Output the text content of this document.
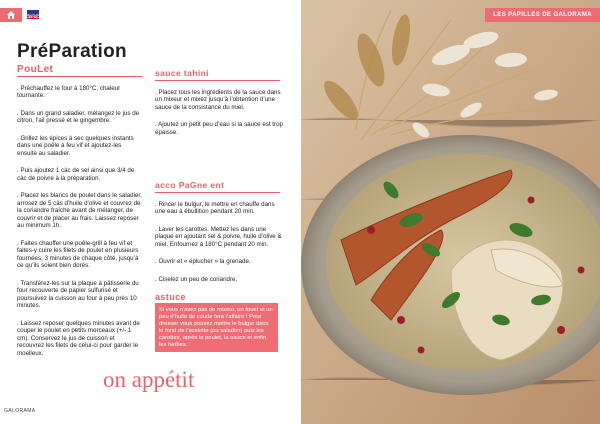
PréParation
PouLet
. Préchauffez le four à 180°C, chaleur tournante.
. Dans un grand saladier, mélangez le jus de citron, l’ail pressé et le gingembre.
. Grillez les épices à sec quelques instants dans une poêle à feu vif et ajoutez-les ensuite au saladier.
. Puis ajoutez 1 càc de sel ainsi que 3/4 de càc de poivre à la préparation.
. Placez les blancs de poulet dans le saladier, arrosez de 5 càs d’huile d’olive et couvrez de la coriandre fraîche avant de mélanger, de couvrir et de placer au frais. Laissez reposer au minimum 1h.
. Faites chauffer une poêle-grill à feu vif et faites-y cuire les filets de poulet en plusieurs fournées, 3 minutes de chaque côté, jusqu’à ce qu’ils soient bien dorés.
. Transférez-les sur la plaque à pâtisserie du four recouverte de papier sulfurisé et poursuivez la cuisson au four à peu près 10 minutes.
. Laissez reposer quelques minutes avant de couper le poulet en petits morceaux (+/- 1 cm). Conservez le jus de cuisson et recouvrez les filets de celui-ci pour garder le moelleux.
sauce tahini
. Placez tous les ingrédients de la sauce dans un mixeur et mixez jusqu’à l’obtention d’une sauce de la consistance du miel.
. Ajoutez un petit peu d’eau si la sauce est trop épaisse.
acco PaGne ent
. Rincer le bulgur, le mettre en chauffe dans une eau à ébullition pendant 20 min.
. Laver les carottes. Mettez les dans une plaque en ajoutant sel & poivre, huile d’olive & miel. Enfournez à 180°C pendant 20 min.
. Ouvrir et « éplucher » la grenade.
. Ciselez un peu de coriandre.
astuce
Si vous n’avez pas de mixeur, un fouet et un peu d’huile de coude fera l’affaire ! Pour dresser vous pouvez mettre le bulgur dans le fond de l’assiette (ou saladier) puis les carottes, après le poulet, la sauce et enfin les herbes.
on appétit
GALORAMA
LES PAPILLES DE GALORAMA
